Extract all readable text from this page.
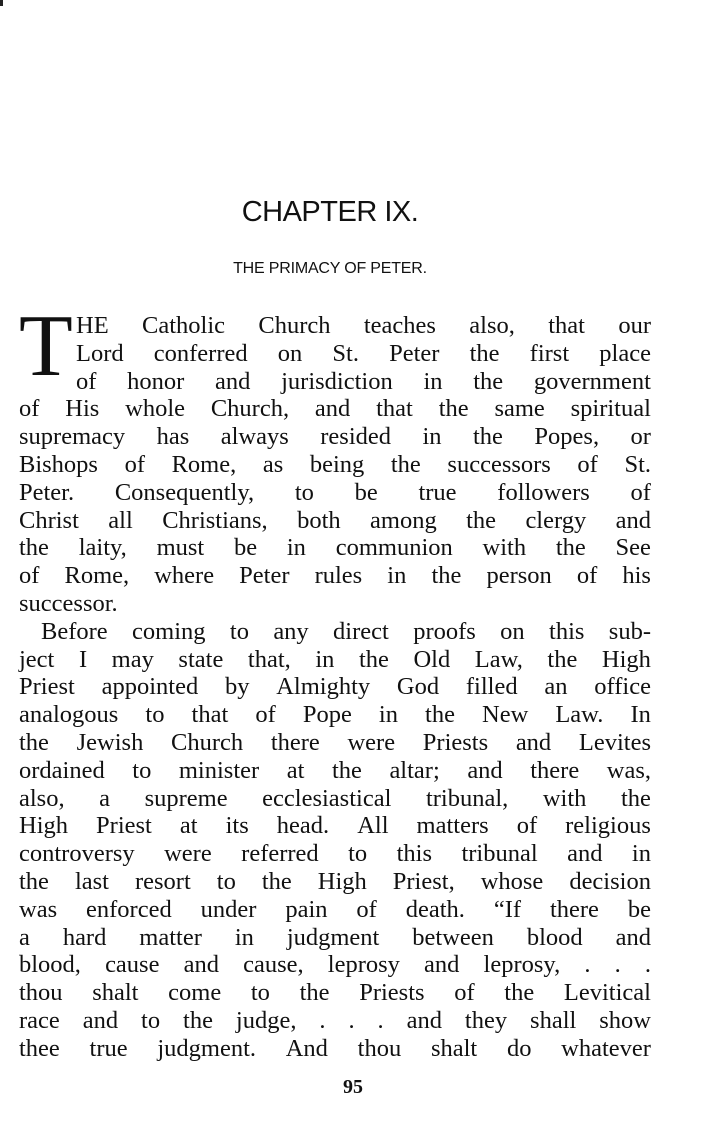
CHAPTER IX.
THE PRIMACY OF PETER.
T HE Catholic Church teaches also, that our
Lord conferred on St. Peter the first place
of honor and jurisdiction in the government
of His whole Church, and that the same spiritual
supremacy has always resided in the Popes, or
Bishops of Rome, as being the successors of St.
Peter. Consequently, to be true followers of
Christ all Christians, both among the clergy and
the laity, must be in communion with the See
of Rome, where Peter rules in the person of his
successor.
Before coming to any direct proofs on this sub-
ject I may state that, in the Old Law, the High
Priest appointed by Almighty God filled an office
analogous to that of Pope in the New Law. In
the Jewish Church there were Priests and Levites
ordained to minister at the altar; and there was,
also, a supreme ecclesiastical tribunal, with the
High Priest at its head. All matters of religious
controversy were referred to this tribunal and in
the last resort to the High Priest, whose decision
was enforced under pain of death. “If there be
a hard matter in judgment between blood and
blood, cause and cause, leprosy and leprosy, . . .
thou shalt come to the Priests of the Levitical
race and to the judge, . . . and they shall show
thee true judgment. And thou shalt do whatever
95
